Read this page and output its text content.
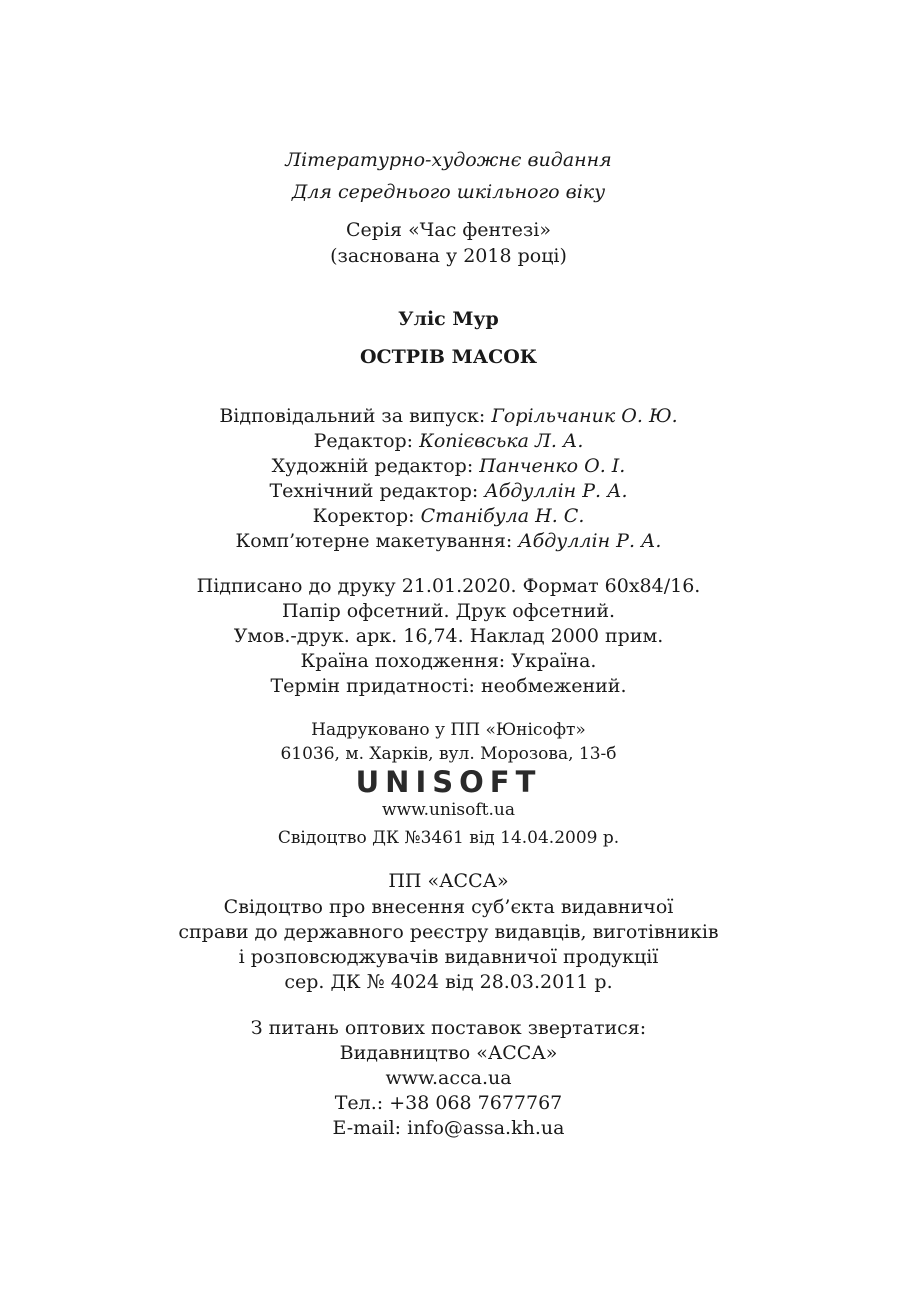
Літературно-художнє видання
Для середнього шкільного віку
Серія «Час фентезі»
(заснована у 2018 році)
Уліс Мур
ОСТРІВ МАСОК
Відповідальний за випуск: Горільчаник О. Ю.
Редактор: Копієвська Л. А.
Художній редактор: Панченко О. І.
Технічний редактор: Абдуллін Р. А.
Коректор: Станібула Н. С.
Комп’ютерне макетування: Абдуллін Р. А.
Підписано до друку 21.01.2020. Формат 60х84/16.
Папір офсетний. Друк офсетний.
Умов.-друк. арк. 16,74. Наклад 2000 прим.
Країна походження: Україна.
Термін придатності: необмежений.
Надруковано у ПП «Юнісофт»
61036, м. Харків, вул. Морозова, 13-б
UNISOFT
www.unisoft.ua
Свідоцтво ДК №3461 від 14.04.2009 р.
ПП «АССА»
Свідоцтво про внесення суб’єкта видавничої
справи до державного реєстру видавців, виготівників
і розповсюджувачів видавничої продукції
сер. ДК № 4024 від 28.03.2011 р.
З питань оптових поставок звертатися:
Видавництво «АССА»
www.acca.ua
Тел.: +38 068 7677767
E-mail: info@assa.kh.ua
